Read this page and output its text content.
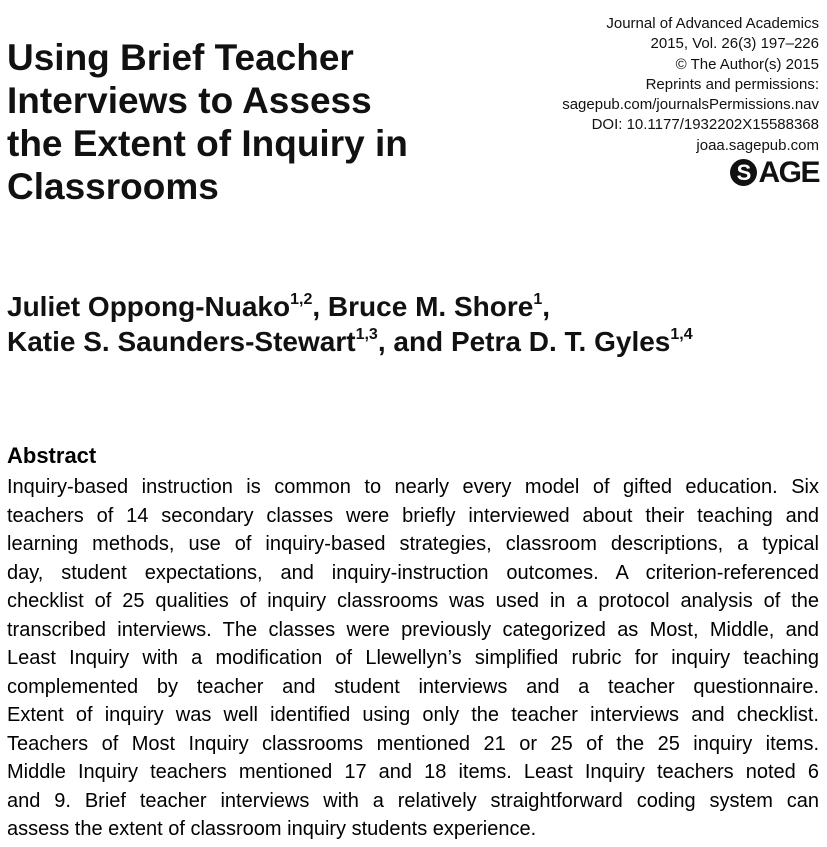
Journal of Advanced Academics
2015, Vol. 26(3) 197–226
© The Author(s) 2015
Reprints and permissions:
sagepub.com/journalsPermissions.nav
DOI: 10.1177/1932202X15588368
joaa.sagepub.com
S AGE
Using Brief Teacher
Interviews to Assess
the Extent of Inquiry in
Classrooms
Juliet Oppong-Nuako$^{1,2}$, Bruce M. Shore$^1$,
Katie S. Saunders-Stewart$^{1,3}$, and Petra D. T. Gyles$^{1,4}$
Abstract
Inquiry-based instruction is common to nearly every model of gifted education. Six
teachers of 14 secondary classes were briefly interviewed about their teaching and
learning methods, use of inquiry-based strategies, classroom descriptions, a typical
day, student expectations, and inquiry-instruction outcomes. A criterion-referenced
checklist of 25 qualities of inquiry classrooms was used in a protocol analysis of the
transcribed interviews. The classes were previously categorized as Most, Middle, and
Least Inquiry with a modification of Llewellyn’s simplified rubric for inquiry teaching
complemented by teacher and student interviews and a teacher questionnaire.
Extent of inquiry was well identified using only the teacher interviews and checklist.
Teachers of Most Inquiry classrooms mentioned 21 or 25 of the 25 inquiry items.
Middle Inquiry teachers mentioned 17 and 18 items. Least Inquiry teachers noted 6
and 9. Brief teacher interviews with a relatively straightforward coding system can
assess the extent of classroom inquiry students experience.
